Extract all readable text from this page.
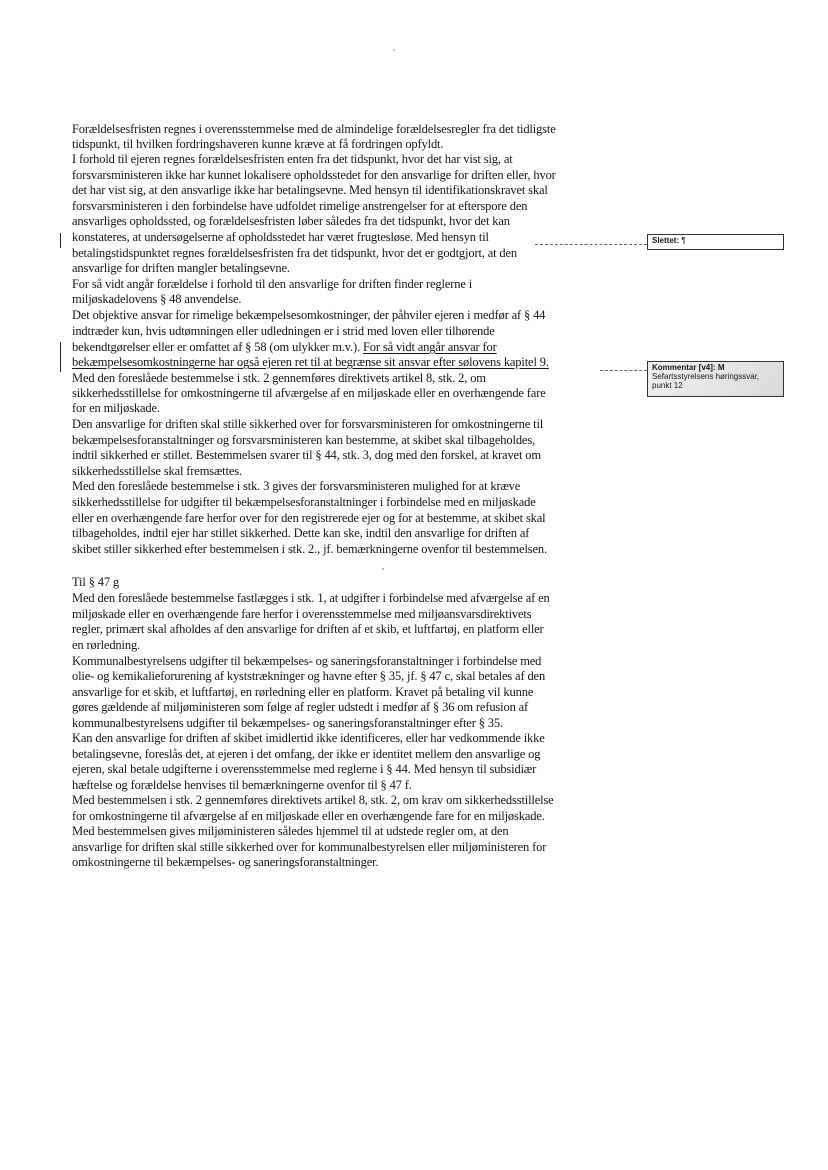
Forældelsesfristen regnes i overensstemmelse med de almindelige forældelsesregler fra det tidligste
tidspunkt, til hvilken fordringshaveren kunne kræve at få fordringen opfyldt.
I forhold til ejeren regnes forældelsesfristen enten fra det tidspunkt, hvor det har vist sig, at
forsvarsministeren ikke har kunnet lokalisere opholdsstedet for den ansvarlige for driften eller, hvor
det har vist sig, at den ansvarlige ikke har betalingsevne. Med hensyn til identifikationskravet skal
forsvarsministeren i den forbindelse have udfoldet rimelige anstrengelser for at efterspore den
ansvarliges opholdssted, og forældelsesfristen løber således fra det tidspunkt, hvor det kan
konstateres, at undersøgelserne af opholdsstedet har været frugtesløse. Med hensyn til
betalingstidspunktet regnes forældelsesfristen fra det tidspunkt, hvor det er godtgjort, at den
ansvarlige for driften mangler betalingsevne.
For så vidt angår forældelse i forhold til den ansvarlige for driften finder reglerne i
miljøskadelovens § 48 anvendelse.
Det objektive ansvar for rimelige bekæmpelsesomkostninger, der påhviler ejeren i medfør af § 44
indtræder kun, hvis udtømningen eller udledningen er i strid med loven eller tilhørende
bekendtgørelser eller er omfattet af § 58 (om ulykker m.v.). For så vidt angår ansvar for
bekæmpelsesomkostningerne har også ejeren ret til at begrænse sit ansvar efter sølovens kapitel 9.
Med den foreslåede bestemmelse i stk. 2 gennemføres direktivets artikel 8, stk. 2, om
sikkerhedsstillelse for omkostningerne til afværgelse af en miljøskade eller en overhængende fare
for en miljøskade.
Den ansvarlige for driften skal stille sikkerhed over for forsvarsministeren for omkostningerne til
bekæmpelsesforanstaltninger og forsvarsministeren kan bestemme, at skibet skal tilbageholdes,
indtil sikkerhed er stillet. Bestemmelsen svarer til § 44, stk. 3, dog med den forskel, at kravet om
sikkerhedsstillelse skal fremsættes.
Med den foreslåede bestemmelse i stk. 3 gives der forsvarsministeren mulighed for at kræve
sikkerhedsstillelse for udgifter til bekæmpelsesforanstaltninger i forbindelse med en miljøskade
eller en overhængende fare herfor over for den registrerede ejer og for at bestemme, at skibet skal
tilbageholdes, indtil ejer har stillet sikkerhed. Dette kan ske, indtil den ansvarlige for driften af
skibet stiller sikkerhed efter bestemmelsen i stk. 2., jf. bemærkningerne ovenfor til bestemmelsen.
Til § 47 g
Med den foreslåede bestemmelse fastlægges i stk. 1, at udgifter i forbindelse med afværgelse af en
miljøskade eller en overhængende fare herfor i overensstemmelse med miljøansvarsdirektivets
regler, primært skal afholdes af den ansvarlige for driften af et skib, et luftfartøj, en platform eller
en rørledning.
Kommunalbestyrelsens udgifter til bekæmpelses- og saneringsforanstaltninger i forbindelse med
olie- og kemikalieforurening af kyststrækninger og havne efter § 35, jf. § 47 c, skal betales af den
ansvarlige for et skib, et luftfartøj, en rørledning eller en platform. Kravet på betaling vil kunne
gøres gældende af miljøministeren som følge af regler udstedt i medfør af § 36 om refusion af
kommunalbestyrelsens udgifter til bekæmpelses- og saneringsforanstaltninger efter § 35.
Kan den ansvarlige for driften af skibet imidlertid ikke identificeres, eller har vedkommende ikke
betalingsevne, foreslås det, at ejeren i det omfang, der ikke er identitet mellem den ansvarlige og
ejeren, skal betale udgifterne i overensstemmelse med reglerne i § 44. Med hensyn til subsidiær
hæftelse og forældelse henvises til bemærkningerne ovenfor til § 47 f.
Med bestemmelsen i stk. 2 gennemføres direktivets artikel 8, stk. 2, om krav om sikkerhedsstillelse
for omkostningerne til afværgelse af en miljøskade eller en overhængende fare for en miljøskade.
Med bestemmelsen gives miljøministeren således hjemmel til at udstede regler om, at den
ansvarlige for driften skal stille sikkerhed over for kommunalbestyrelsen eller miljøministeren for
omkostningerne til bekæmpelses- og saneringsforanstaltninger.
Slettet: ¶
Kommentar [v4]: M
Sefartsstyrelsens høringssvar,
punkt 12
